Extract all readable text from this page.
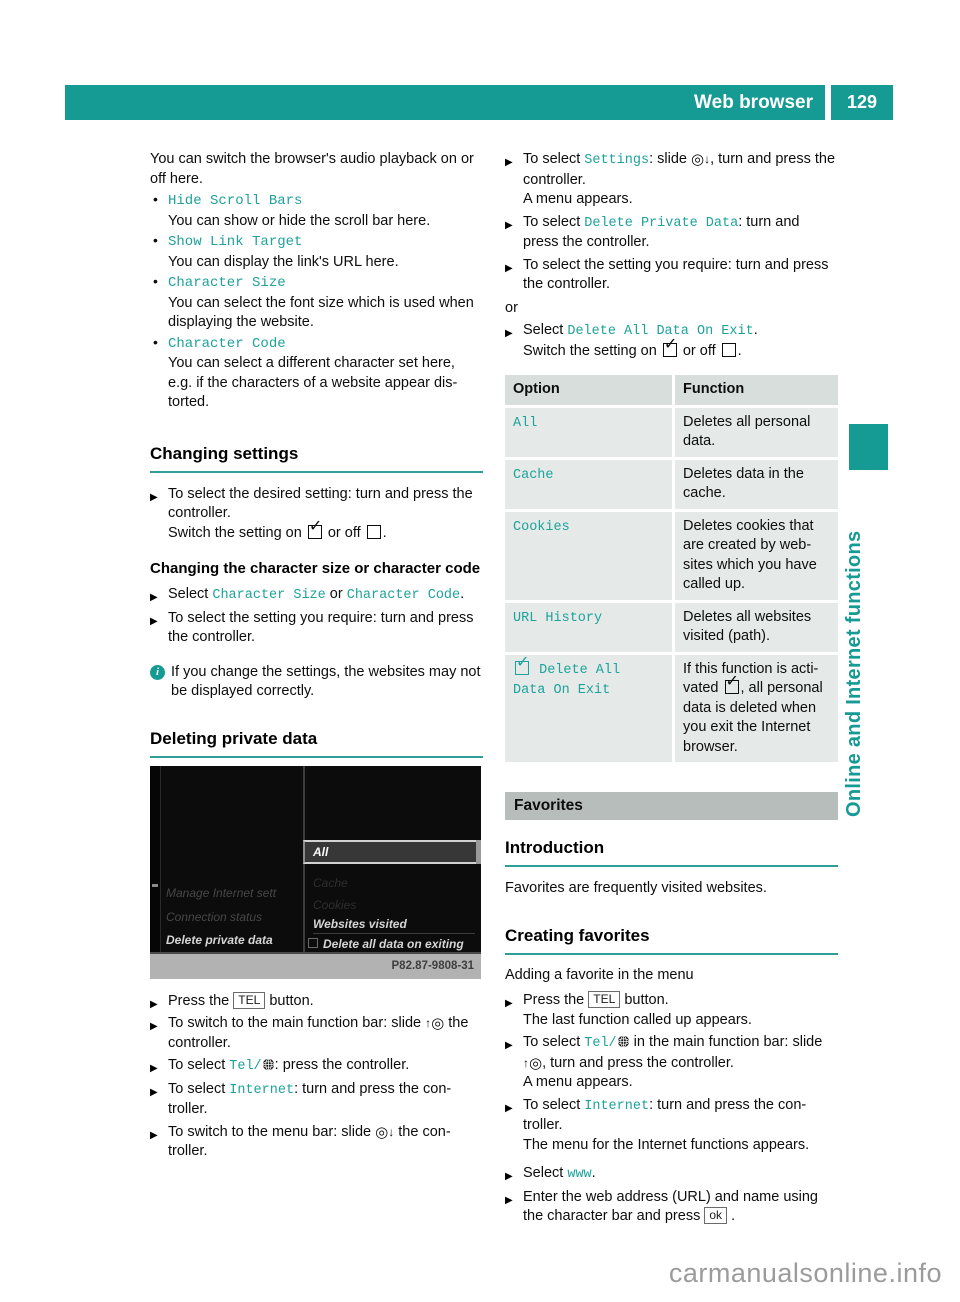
Web browser	129

You can switch the browser's audio playback on or off here.

• Hide Scroll Bars
You can show or hide the scroll bar here.
• Show Link Target
You can display the link's URL here.
• Character Size
You can select the font size which is used when displaying the website.
• Character Code
You can select a different character set here, e.g. if the characters of a website appear dis-torted.
Changing settings
▶ To select the desired setting: turn and press the controller.
Switch the setting on ✓ or off .
Changing the character size or character code
▶ Select Character Size or Character Code.
▶ To select the setting you require: turn and press the controller.
i If you change the settings, the websites may not be displayed correctly.
Deleting private data
Manage Internet sett
Connection status
Delete private data
All
Cache
Cookies
Websites visited
Delete all data on exiting
P82.87-9808-31
▶ Press the TEL button.
▶ To switch to the main function bar: slide ↑◎ the controller.
▶ To select Tel/ : press the controller.
▶ To select Internet: turn and press the con-troller.
▶ To switch to the menu bar: slide ◎↓ the con-troller.
▶ To select Settings: slide ◎↓, turn and press the controller.
A menu appears.
▶ To select Delete Private Data: turn and press the controller.
▶ To select the setting you require: turn and press the controller.
or
▶ Select Delete All Data On Exit.
Switch the setting on ✓ or off .
Option	Function
All	Deletes all personal data.
Cache	Deletes data in the cache.
Cookies	Deletes cookies that are created by web-sites which you have called up.
URL History	Deletes all websites visited (path).
✓ Delete All
Data On Exit	If this function is acti-vated ✓, all personal data is deleted when you exit the Internet browser.
Favorites
Introduction

Favorites are frequently visited websites.

Creating favorites

Adding a favorite in the menu

▶ Press the TEL button.
The last function called up appears.
▶ To select Tel/ in the main function bar: slide ↑◎, turn and press the controller.
A menu appears.
▶ To select Internet: turn and press the con-troller.
The menu for the Internet functions appears.
▶ Select www.
▶ Enter the web address (URL) and name using the character bar and press ok .
Online and Internet functions
carmanualsonline.info
